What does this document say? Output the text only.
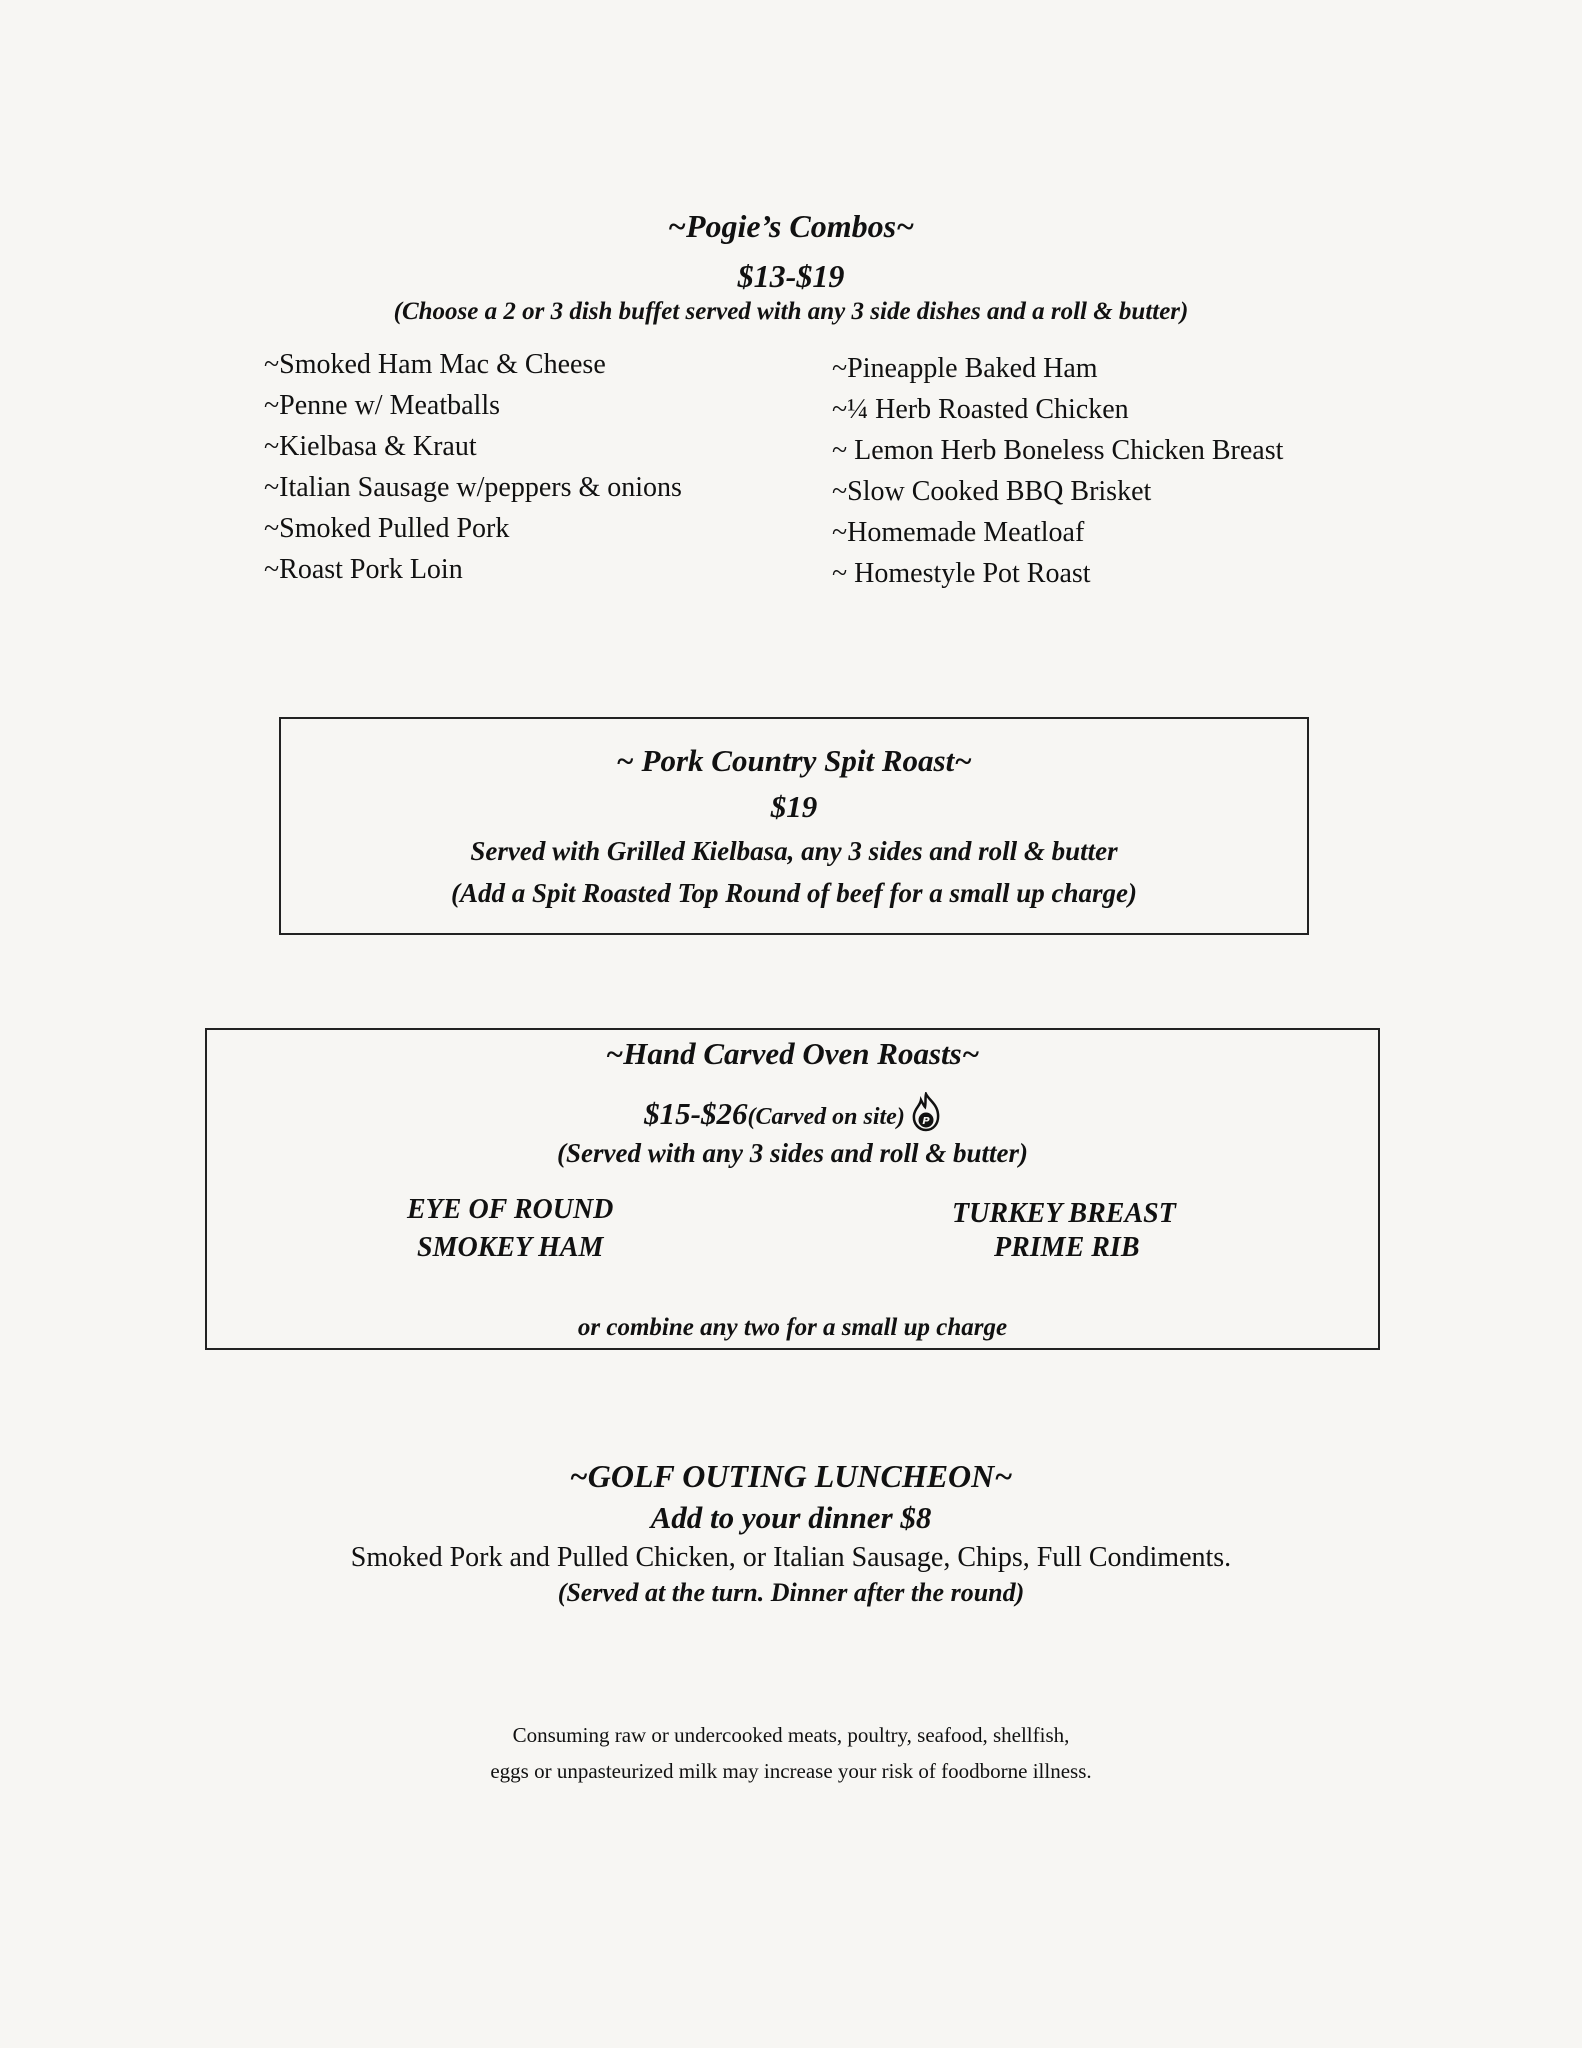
~Pogie’s Combos~
$13-$19
(Choose a 2 or 3 dish buffet served with any 3 side dishes and a roll & butter)
~Smoked Ham Mac & Cheese
~Penne w/ Meatballs
~Kielbasa & Kraut
~Italian Sausage w/peppers & onions
~Smoked Pulled Pork
~Roast Pork Loin
~Pineapple Baked Ham
~¼ Herb Roasted Chicken
~ Lemon Herb Boneless Chicken Breast
~Slow Cooked BBQ Brisket
~Homemade Meatloaf
~ Homestyle Pot Roast
~ Pork Country Spit Roast~
$19
Served with Grilled Kielbasa, any 3 sides and roll & butter
(Add a Spit Roasted Top Round of beef for a small up charge)
~Hand Carved Oven Roasts~
$15-$26(Carved on site) P
(Served with any 3 sides and roll & butter)
EYE OF ROUND
SMOKEY HAM
TURKEY BREAST
PRIME RIB
or combine any two for a small up charge
~GOLF OUTING LUNCHEON~
Add to your dinner $8
Smoked Pork and Pulled Chicken, or Italian Sausage, Chips, Full Condiments.
(Served at the turn. Dinner after the round)
Consuming raw or undercooked meats, poultry, seafood, shellfish,
eggs or unpasteurized milk may increase your risk of foodborne illness.
